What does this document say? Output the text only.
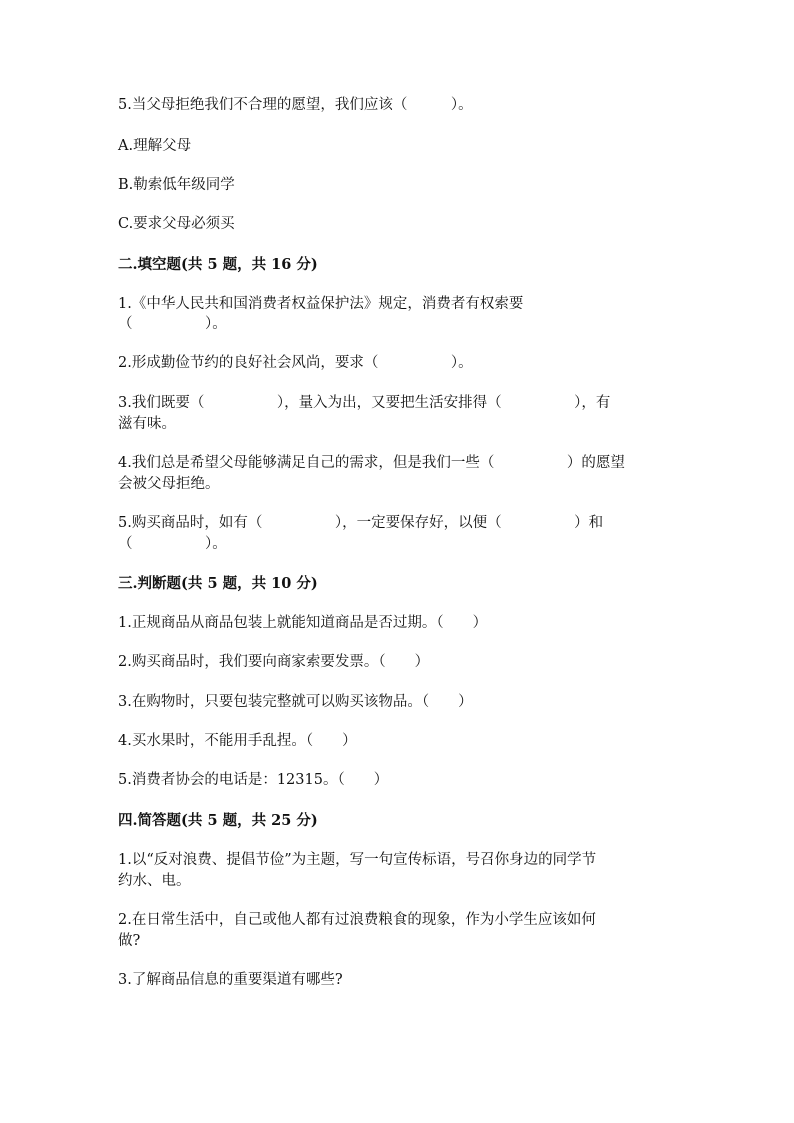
5.当父母拒绝我们不合理的愿望，我们应该（　　　）。

A.理解父母

B.勒索低年级同学

C.要求父母必须买

二.填空题(共 5 题，共 16 分)

1.《中华人民共和国消费者权益保护法》规定，消费者有权索要

（　　　　　）。

2.形成勤俭节约的良好社会风尚，要求（　　　　　）。

3.我们既要（　　　　　），量入为出，又要把生活安排得（　　　　　），有

滋有味。

4.我们总是希望父母能够满足自己的需求，但是我们一些（　　　　　）的愿望

会被父母拒绝。

5.购买商品时，如有（　　　　　），一定要保存好，以便（　　　　　）和

（　　　　　）。

三.判断题(共 5 题，共 10 分)

1.正规商品从商品包装上就能知道商品是否过期。（　　）

2.购买商品时，我们要向商家索要发票。（　　）

3.在购物时，只要包装完整就可以购买该物品。（　　）

4.买水果时，不能用手乱捏。（　　）

5.消费者协会的电话是：12315。（　　）

四.简答题(共 5 题，共 25 分)

1.以“反对浪费、提倡节俭”为主题，写一句宣传标语，号召你身边的同学节

约水、电。

2.在日常生活中，自己或他人都有过浪费粮食的现象，作为小学生应该如何

做?

3.了解商品信息的重要渠道有哪些?
